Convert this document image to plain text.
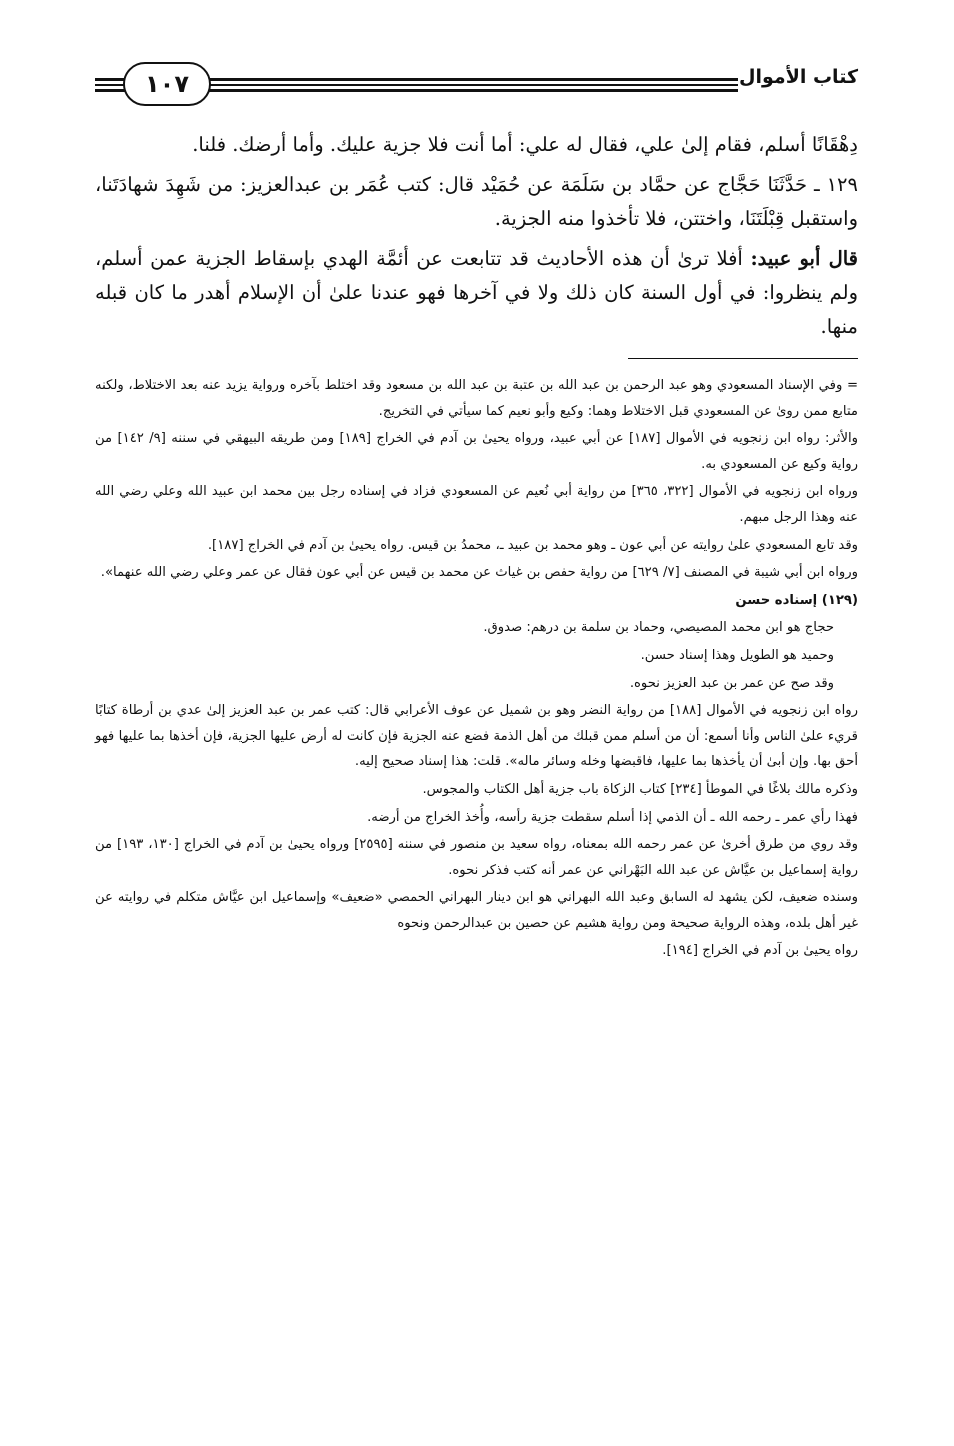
كتاب الأموال
١٠٧

دِهْقَانًا أسلم، فقام إلىٰ علي، فقال له علي: أما أنت فلا جزية عليك. وأما أرضك. فلنا.

١٢٩ ـ حَدَّثَنَا حَجَّاج عن حمَّاد بن سَلَمَة عن حُمَيْد قال: كتب عُمَر بن عبدالعزيز: من شَهِدَ شهادَتَنا، واستقبل قِبْلَتَنَا، واختتن، فلا تأخذوا منه الجزية.

قال أبو عبيد: أفلا ترىٰ أن هذه الأحاديث قد تتابعت عن أئمَّة الهدي بإسقاط الجزية عمن أسلم، ولم ينظروا: في أول السنة كان ذلك ولا في آخرها فهو عندنا علىٰ أن الإسلام أهدر ما كان قبله منها.

= وفي الإسناد المسعودي وهو عبد الرحمن بن عبد الله بن عتبة بن عبد الله بن مسعود وقد اختلط بآخره ورواية يزيد عنه بعد الاختلاط، ولكنه متابع ممن روىٰ عن المسعودي قبل الاختلاط وهما: وكيع وأبو نعيم كما سيأتي في التخريج.

والأثر: رواه ابن زنجويه في الأموال [١٨٧] عن أبي عبيد، ورواه يحيىٰ بن آدم في الخراج [١٨٩] ومن طريقه البيهقي في سننه [٩/ ١٤٢] من رواية وكيع عن المسعودي به.

ورواه ابن زنجويه في الأموال [٣٢٢، ٣٦٥] من رواية أبي نُعيم عن المسعودي فزاد في إسناده رجل بين محمد ابن عبيد الله وعلي رضي الله عنه وهذا الرجل مبهم.

وقد تابع المسعودي علىٰ روايته عن أبي عون ـ وهو محمد بن عبيد ـ، محمدُ بن قيس. رواه يحيىٰ بن آدم في الخراج [١٨٧].

ورواه ابن أبي شيبة في المصنف [٧/ ٦٢٩] من رواية حفص بن غياث عن محمد بن قيس عن أبي عون فقال عن عمر وعلي رضي الله عنهما».

(١٢٩) إسناده حسن

حجاج هو ابن محمد المصيصي، وحماد بن سلمة بن درهم: صدوق.

وحميد هو الطويل وهذا إسناد حسن.

وقد صح عن عمر بن عبد العزيز نحوه.

رواه ابن زنجويه في الأموال [١٨٨] من رواية النضر وهو بن شميل عن عوف الأعرابي قال: كتب عمر بن عبد العزيز إلىٰ عدي بن أرطاة كتابًا قريء علىٰ الناس وأنا أسمع: أن من أسلم ممن قبلك من أهل الذمة فضع عنه الجزية فإن كانت له أرض عليها الجزية، فإن أخذها بما عليها فهو أحق بها. وإن أبىٰ أن يأخذها بما عليها، فاقبضها وخله وسائر ماله». قلت: هذا إسناد صحيح إليه.

وذكره مالك بلاغًا في الموطأ [٢٣٤] كتاب الزكاة باب جزية أهل الكتاب والمجوس.

فهذا رأي عمر ـ رحمه الله ـ أن الذمي إذا أسلم سقطت جزية رأسه، وأُخذ الخراج من أرضه.

وقد روي من طرق أخرىٰ عن عمر رحمه الله بمعناه، رواه سعيد بن منصور في سننه [٢٥٩٥] ورواه يحيىٰ بن آدم في الخراج [١٣٠، ١٩٣] من رواية إسماعيل بن عيَّاش عن عبد الله البَهْراني عن عمر أنه كتب فذكر نحوه.

وسنده ضعيف، لكن يشهد له السابق وعبد الله البهراني هو ابن دينار البهراني الحمصي «ضعيف» وإسماعيل ابن عيَّاش متكلم في روايته عن غير أهل بلده، وهذه الرواية صحيحة ومن رواية هشيم عن حصين بن عبدالرحمن ونحوه

رواه يحيىٰ بن آدم في الخراج [١٩٤].
